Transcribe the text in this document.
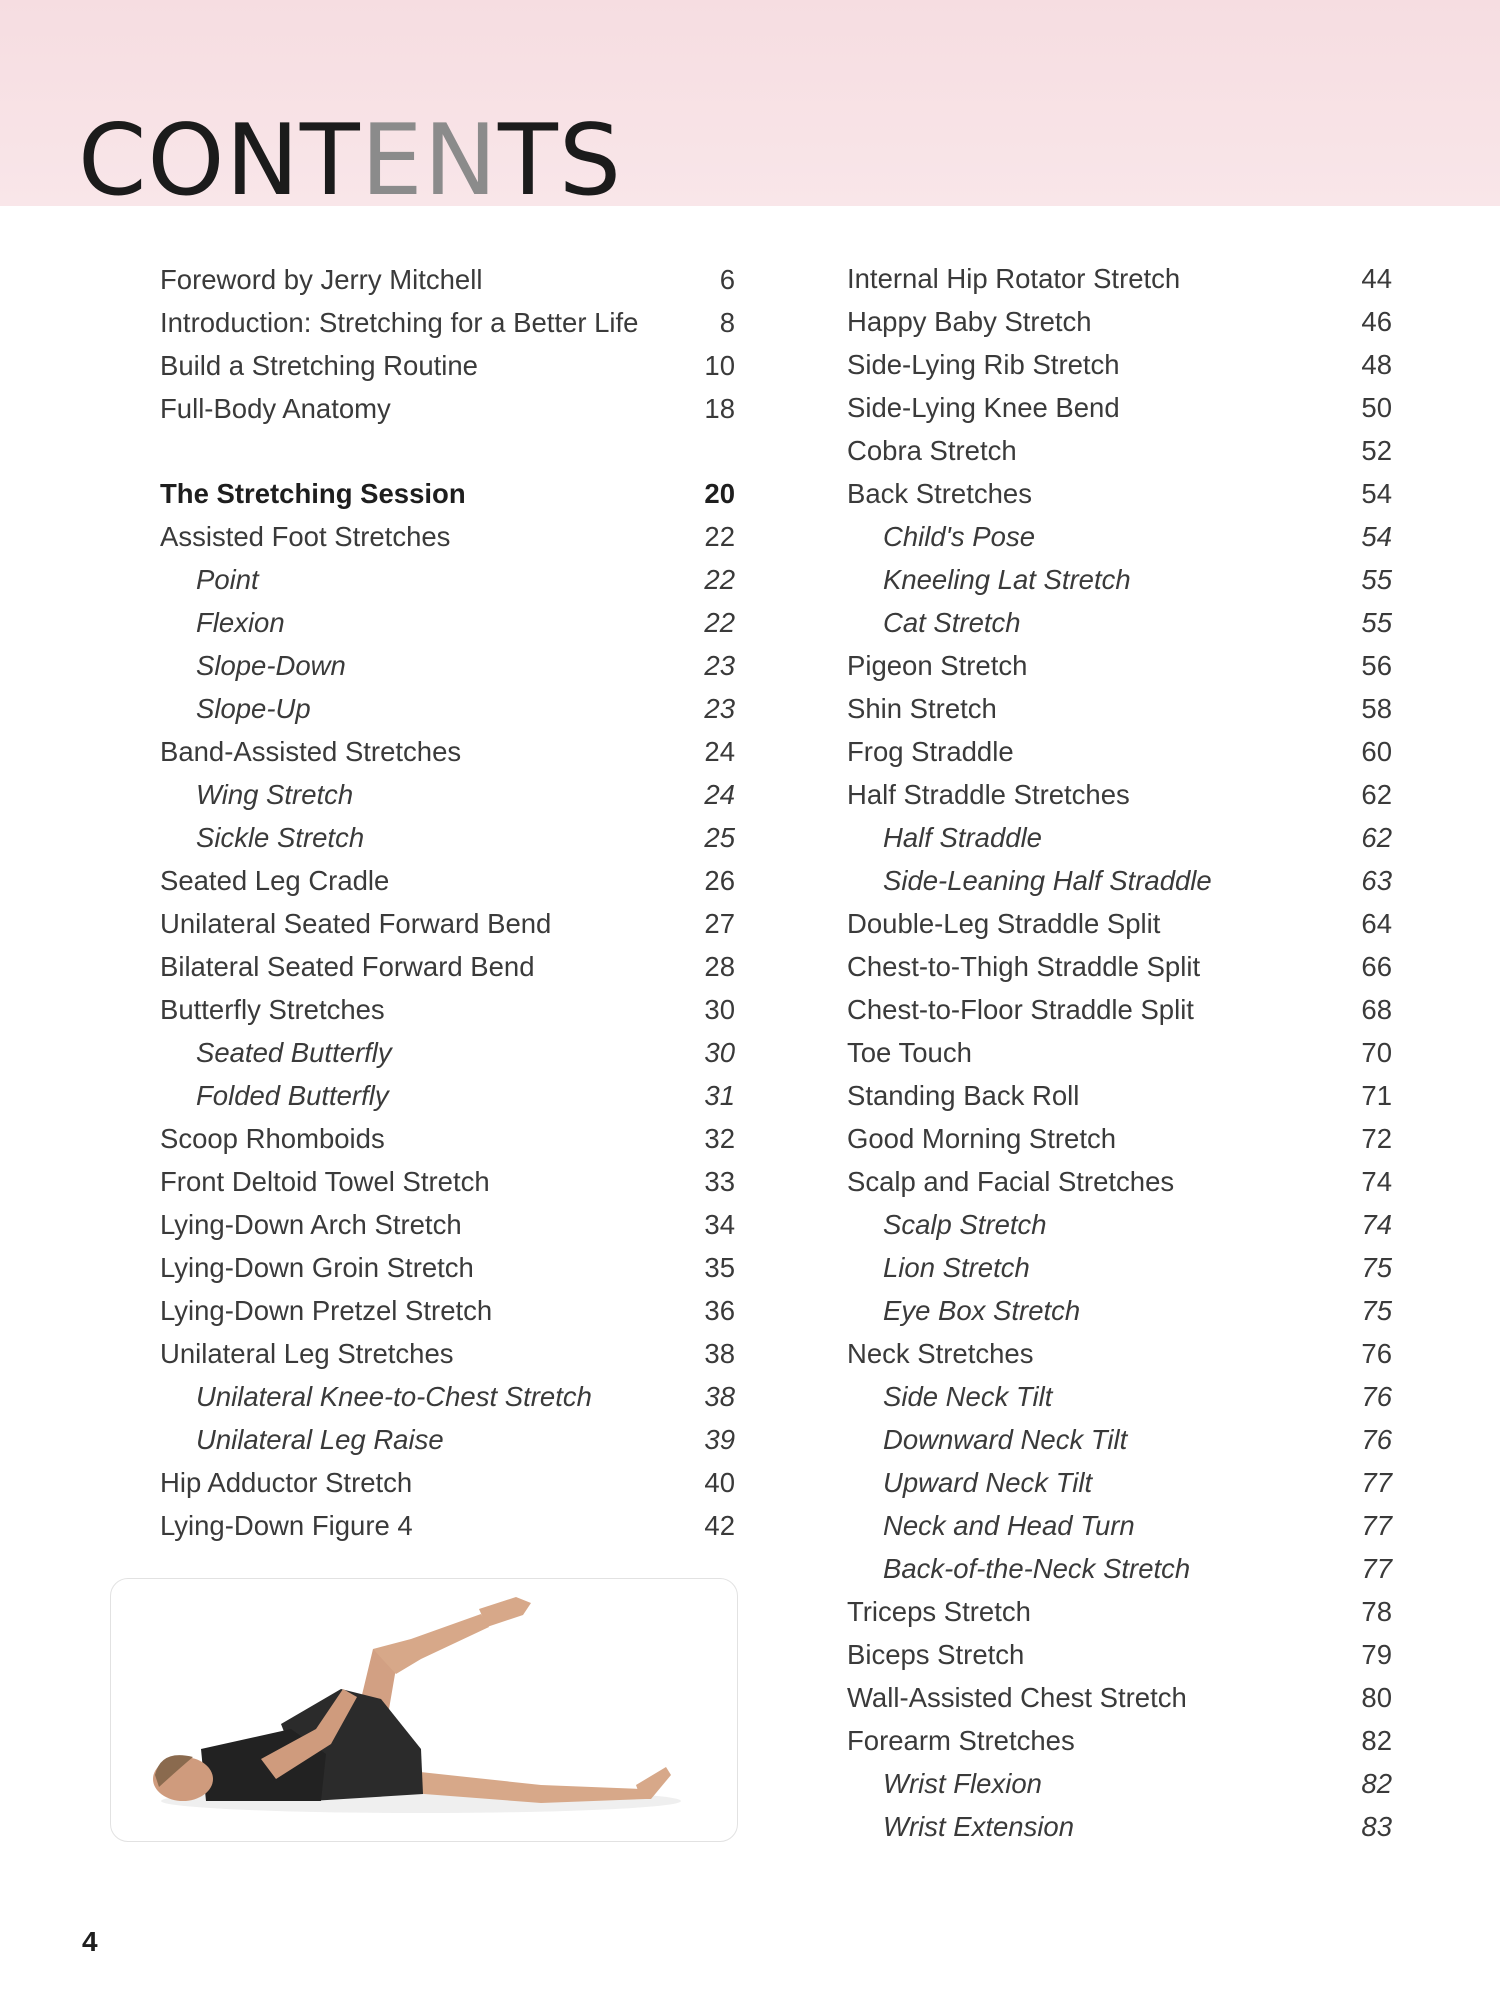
CONTENTS
Foreword by Jerry Mitchell	6
Introduction: Stretching for a Better Life	8
Build a Stretching Routine	10
Full-Body Anatomy	18
The Stretching Session	20
Assisted Foot Stretches	22
Point	22
Flexion	22
Slope-Down	23
Slope-Up	23
Band-Assisted Stretches	24
Wing Stretch	24
Sickle Stretch	25
Seated Leg Cradle	26
Unilateral Seated Forward Bend	27
Bilateral Seated Forward Bend	28
Butterfly Stretches	30
Seated Butterfly	30
Folded Butterfly	31
Scoop Rhomboids	32
Front Deltoid Towel Stretch	33
Lying-Down Arch Stretch	34
Lying-Down Groin Stretch	35
Lying-Down Pretzel Stretch	36
Unilateral Leg Stretches	38
Unilateral Knee-to-Chest Stretch	38
Unilateral Leg Raise	39
Hip Adductor Stretch	40
Lying-Down Figure 4	42
Internal Hip Rotator Stretch	44
Happy Baby Stretch	46
Side-Lying Rib Stretch	48
Side-Lying Knee Bend	50
Cobra Stretch	52
Back Stretches	54
Child's Pose	54
Kneeling Lat Stretch	55
Cat Stretch	55
Pigeon Stretch	56
Shin Stretch	58
Frog Straddle	60
Half Straddle Stretches	62
Half Straddle	62
Side-Leaning Half Straddle	63
Double-Leg Straddle Split	64
Chest-to-Thigh Straddle Split	66
Chest-to-Floor Straddle Split	68
Toe Touch	70
Standing Back Roll	71
Good Morning Stretch	72
Scalp and Facial Stretches	74
Scalp Stretch	74
Lion Stretch	75
Eye Box Stretch	75
Neck Stretches	76
Side Neck Tilt	76
Downward Neck Tilt	76
Upward Neck Tilt	77
Neck and Head Turn	77
Back-of-the-Neck Stretch	77
Triceps Stretch	78
Biceps Stretch	79
Wall-Assisted Chest Stretch	80
Forearm Stretches	82
Wrist Flexion	82
Wrist Extension	83
4
